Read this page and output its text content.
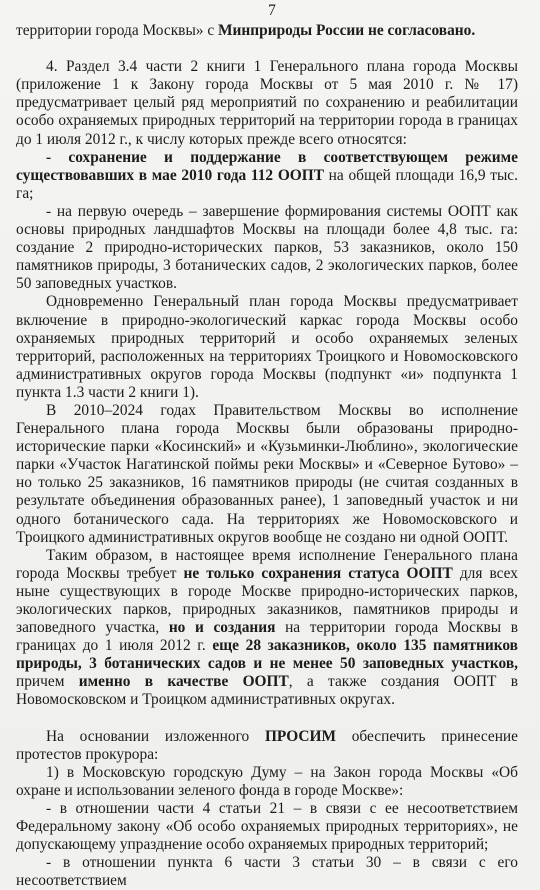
7

территории города Москвы» с Минприроды России не согласовано.

4. Раздел 3.4 части 2 книги 1 Генерального плана города Москвы (приложение 1 к Закону города Москвы от 5 мая 2010 г. № 17) предусматривает целый ряд мероприятий по сохранению и реабилитации особо охраняемых природных территорий на территории города в границах до 1 июля 2012 г., к числу которых прежде всего относятся:

- сохранение и поддержание в соответствующем режиме существовавших в мае 2010 года 112 ООПТ на общей площади 16,9 тыс. га;

- на первую очередь – завершение формирования системы ООПТ как основы природных ландшафтов Москвы на площади более 4,8 тыс. га: создание 2 природно-исторических парков, 53 заказников, около 150 памятников природы, 3 ботанических садов, 2 экологических парков, более 50 заповедных участков.

Одновременно Генеральный план города Москвы предусматривает включение в природно-экологический каркас города Москвы особо охраняемых природных территорий и особо охраняемых зеленых территорий, расположенных на территориях Троицкого и Новомосковского административных округов города Москвы (подпункт «и» подпункта 1 пункта 1.3 части 2 книги 1).

В 2010–2024 годах Правительством Москвы во исполнение Генерального плана города Москвы были образованы природно-исторические парки «Косинский» и «Кузьминки-Люблино», экологические парки «Участок Нагатинской поймы реки Москвы» и «Северное Бутово» – но только 25 заказников, 16 памятников природы (не считая созданных в результате объединения образованных ранее), 1 заповедный участок и ни одного ботанического сада. На территориях же Новомосковского и Троицкого административных округов вообще не создано ни одной ООПТ.

Таким образом, в настоящее время исполнение Генерального плана города Москвы требует не только сохранения статуса ООПТ для всех ныне существующих в городе Москве природно-исторических парков, экологических парков, природных заказников, памятников природы и заповедного участка, но и создания на территории города Москвы в границах до 1 июля 2012 г. еще 28 заказников, около 135 памятников природы, 3 ботанических садов и не менее 50 заповедных участков, причем именно в качестве ООПТ, а также создания ООПТ в Новомосковском и Троицком административных округах.

На основании изложенного ПРОСИМ обеспечить принесение протестов прокурора:

1) в Московскую городскую Думу – на Закон города Москвы «Об охране и использовании зеленого фонда в городе Москве»:

- в отношении части 4 статьи 21 – в связи с ее несоответствием Федеральному закону «Об особо охраняемых природных территориях», не допускающему упразднение особо охраняемых природных территорий;

- в отношении пункта 6 части 3 статьи 30 – в связи с его несоответствием
